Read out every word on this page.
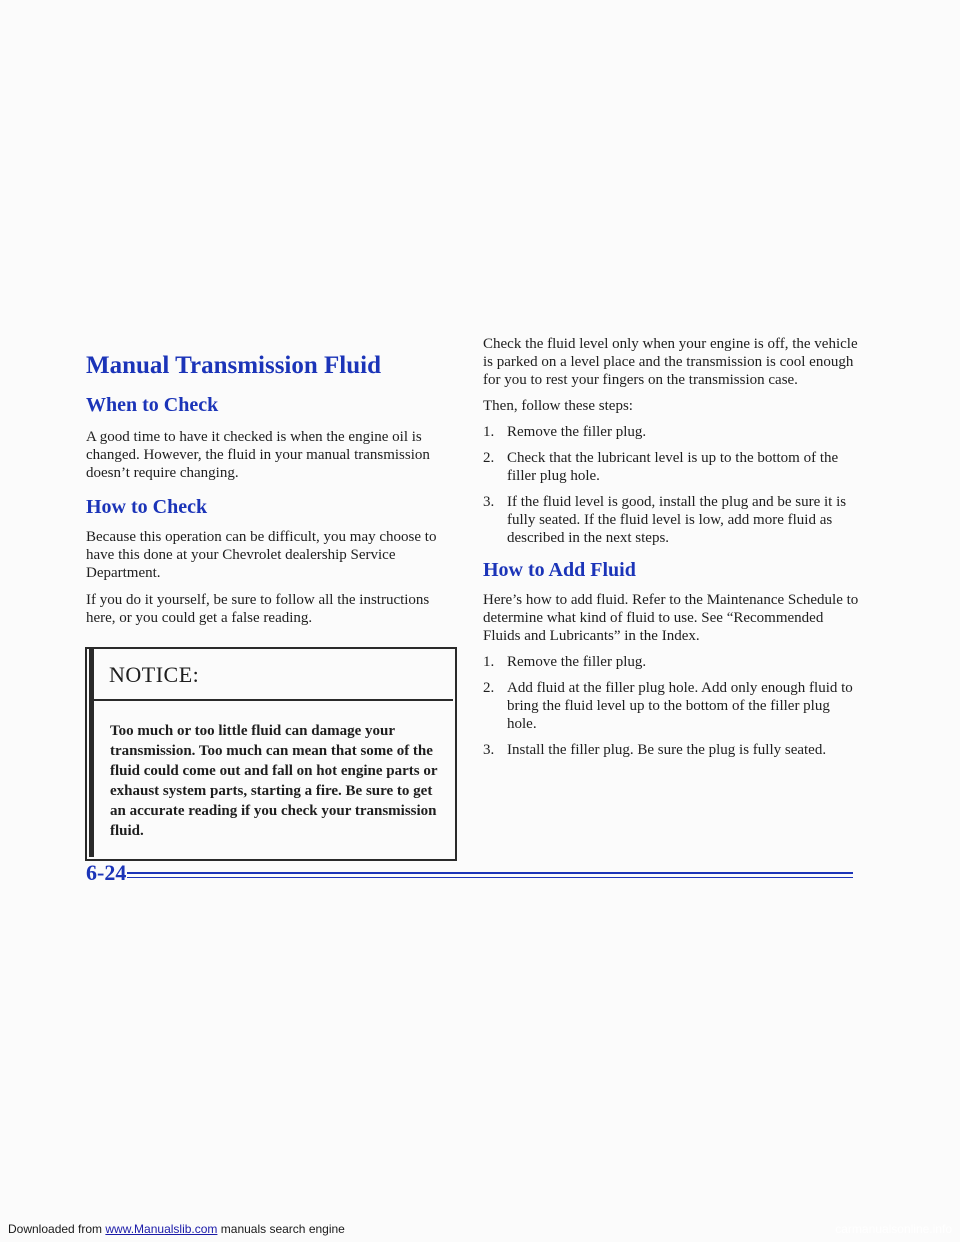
Manual Transmission Fluid
When to Check

A good time to have it checked is when the engine oil is changed. However, the fluid in your manual transmission doesn’t require changing.

How to Check

Because this operation can be difficult, you may choose to have this done at your Chevrolet dealership Service Department.

If you do it yourself, be sure to follow all the instructions here, or you could get a false reading.

NOTICE:

Too much or too little fluid can damage your transmission. Too much can mean that some of the fluid could come out and fall on hot engine parts or exhaust system parts, starting a fire. Be sure to get an accurate reading if you check your transmission fluid.

Check the fluid level only when your engine is off, the vehicle is parked on a level place and the transmission is cool enough for you to rest your fingers on the transmission case.

Then, follow these steps:

1. Remove the filler plug.
2. Check that the lubricant level is up to the bottom of the filler plug hole.
3. If the fluid level is good, install the plug and be sure it is fully seated. If the fluid level is low, add more fluid as described in the next steps.
How to Add Fluid

Here’s how to add fluid. Refer to the Maintenance Schedule to determine what kind of fluid to use. See “Recommended Fluids and Lubricants” in the Index.

1. Remove the filler plug.
2. Add fluid at the filler plug hole. Add only enough fluid to bring the fluid level up to the bottom of the filler plug hole.
3. Install the filler plug. Be sure the plug is fully seated.
6-24
Downloaded from www.Manualslib.com manuals search engine	carmanualsonline.info
